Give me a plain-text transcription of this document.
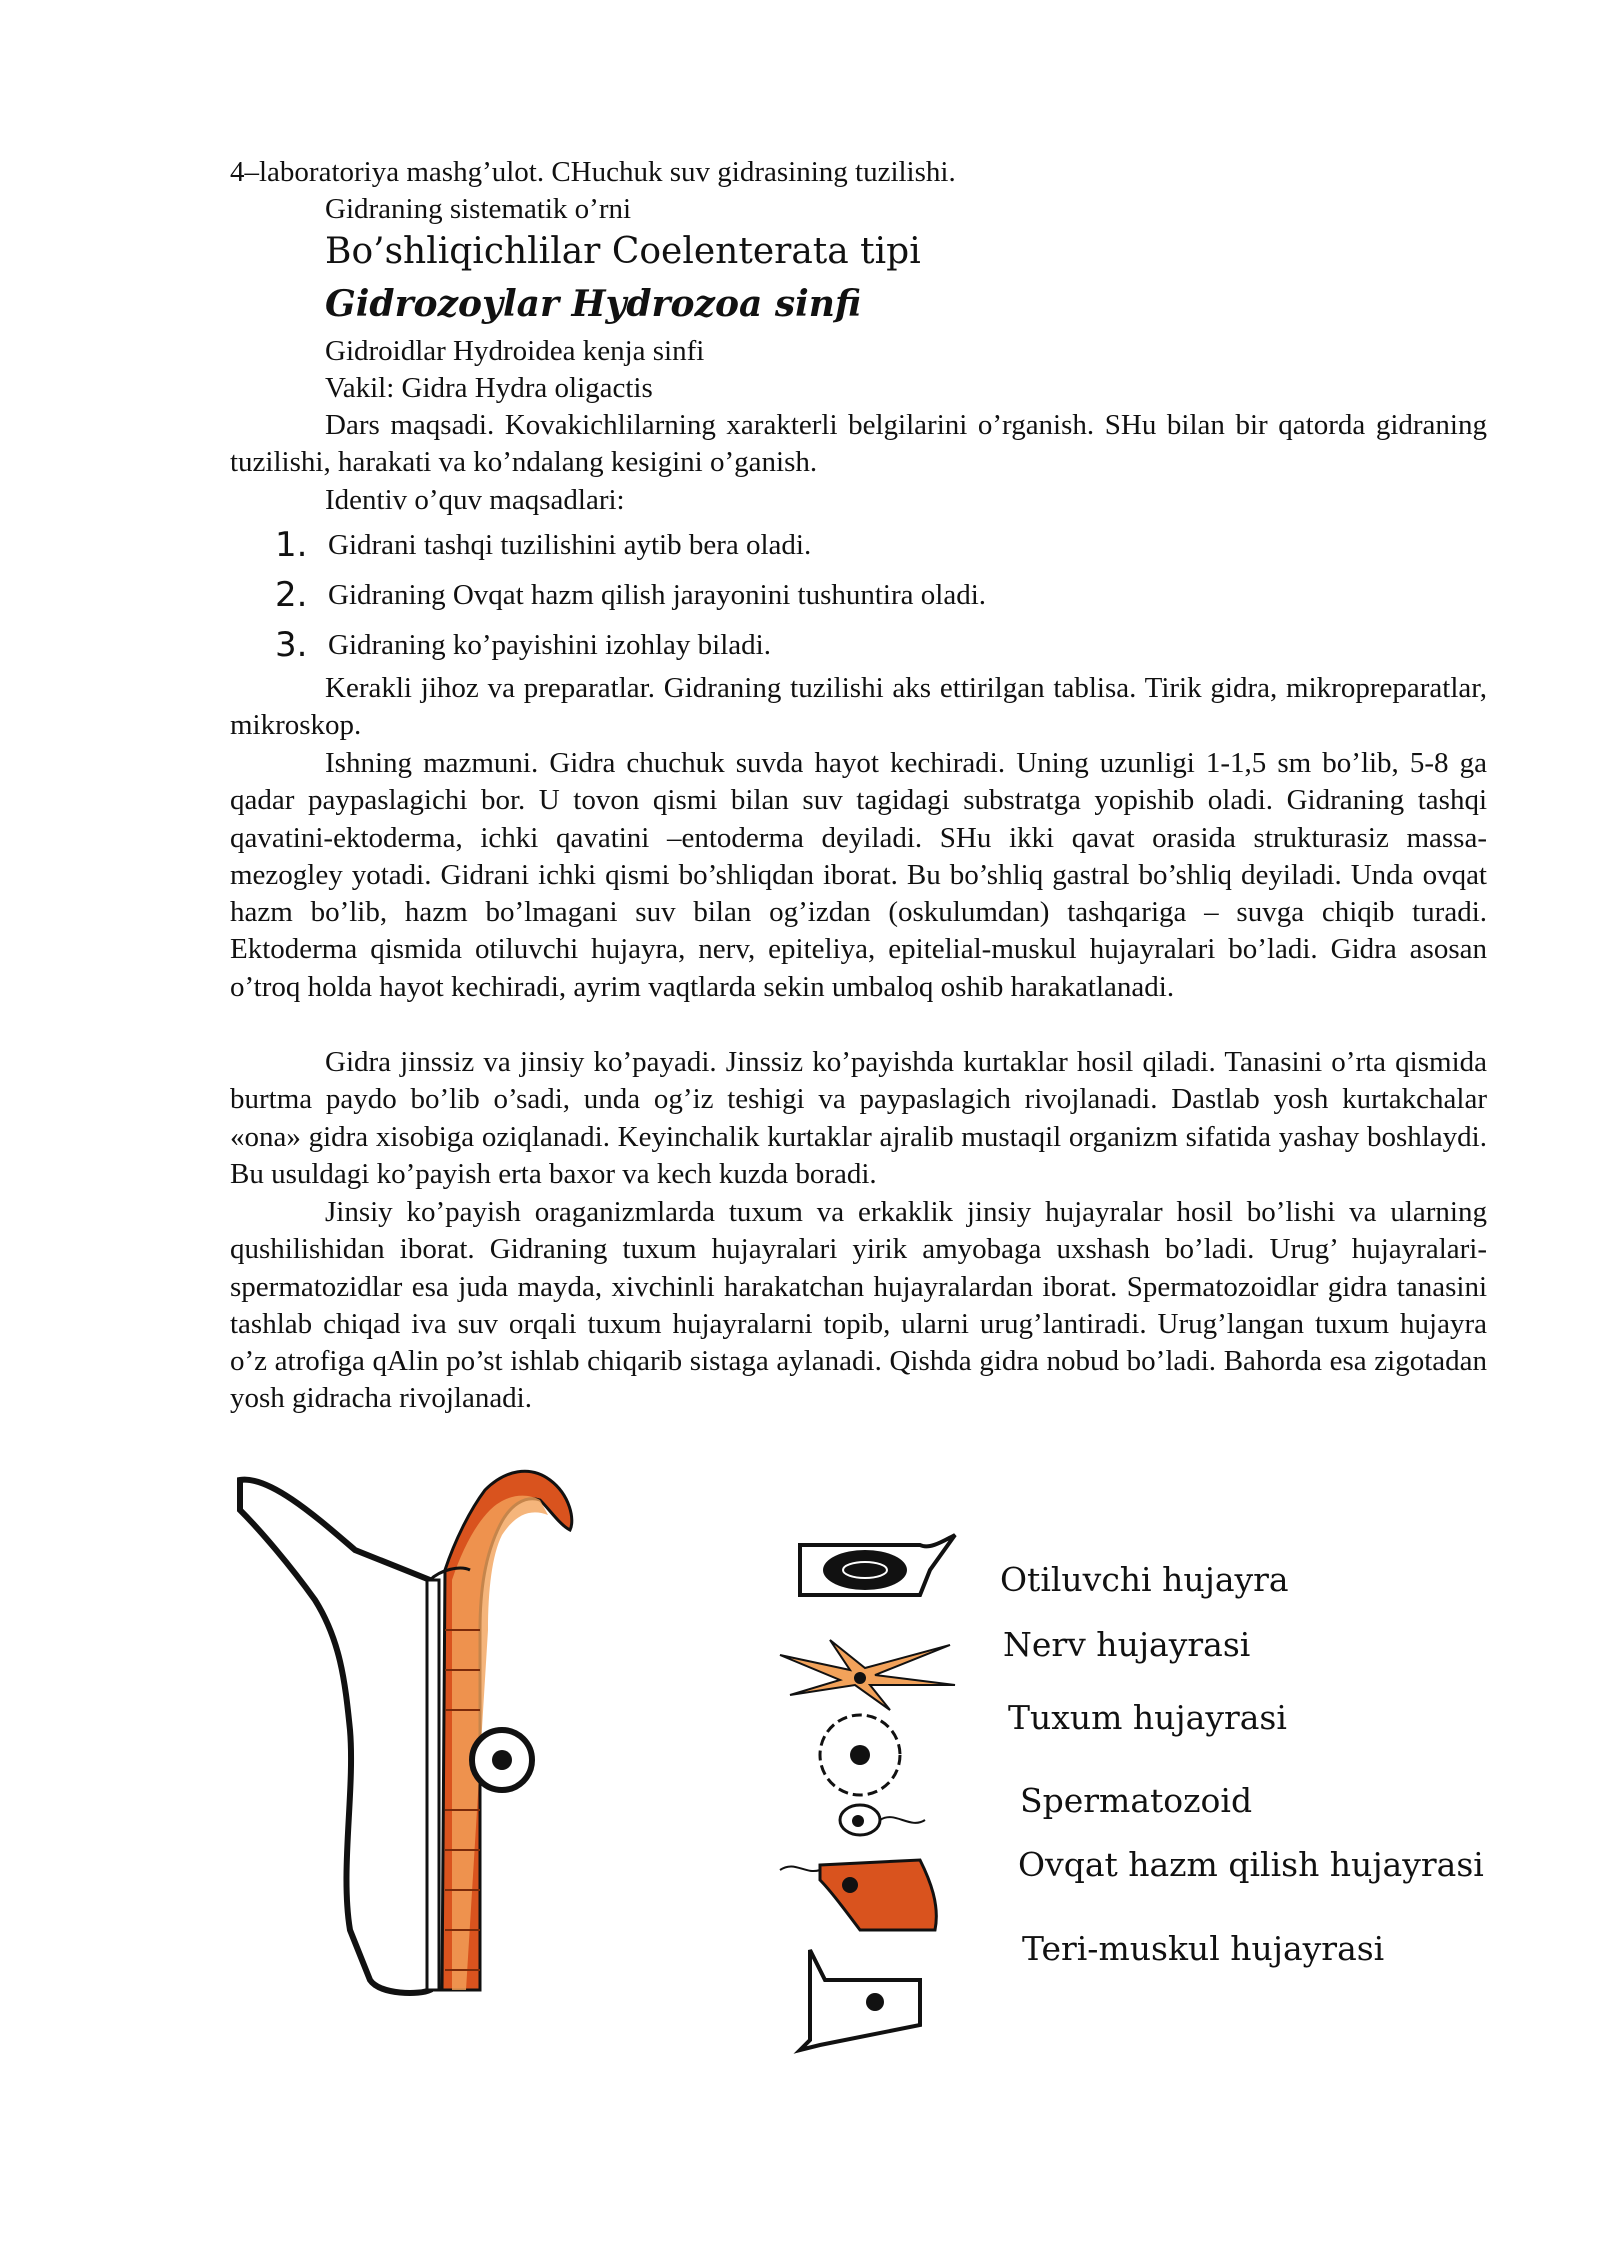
4–laboratoriya mashg’ulot. CHuchuk suv gidrasining tuzilishi.
Gidraning sistematik o’rni
Bo’shliqichlilar Coelenterata tipi
Gidrozoylar Hydrozoa sinfi
Gidroidlar Hydroidea kenja sinfi
Vakil: Gidra Hydra oligactis
Dars maqsadi. Kovakichlilarning xarakterli belgilarini o’rganish. SHu bilan bir qatorda gidraning tuzilishi, harakati va ko’ndalang kesigini o’ganish.
Identiv o’quv maqsadlari:
1. Gidrani tashqi tuzilishini aytib bera oladi.
2. Gidraning Ovqat hazm qilish jarayonini tushuntira oladi.
3. Gidraning ko’payishini izohlay biladi.
Kerakli jihoz va preparatlar. Gidraning tuzilishi aks ettirilgan tablisa. Tirik gidra, mikropreparatlar, mikroskop.
Ishning mazmuni. Gidra chuchuk suvda hayot kechiradi. Uning uzunligi 1-1,5 sm bo’lib, 5-8 ga qadar paypaslagichi bor. U tovon qismi bilan suv tagidagi substratga yopishib oladi. Gidraning tashqi qavatini-ektoderma, ichki qavatini –entoderma deyiladi. SHu ikki qavat orasida strukturasiz massa-mezogley yotadi. Gidrani ichki qismi bo’shliqdan iborat. Bu bo’shliq gastral bo’shliq deyiladi. Unda ovqat hazm bo’lib, hazm bo’lmagani suv bilan og’izdan (oskulumdan) tashqariga – suvga chiqib turadi. Ektoderma qismida otiluvchi hujayra, nerv, epiteliya, epitelial-muskul hujayralari bo’ladi. Gidra asosan o’troq holda hayot kechiradi, ayrim vaqtlarda sekin umbaloq oshib harakatlanadi.
Gidra jinssiz va jinsiy ko’payadi. Jinssiz ko’payishda kurtaklar hosil qiladi. Tanasini o’rta qismida burtma paydo bo’lib o’sadi, unda og’iz teshigi va paypaslagich rivojlanadi. Dastlab yosh kurtakchalar «ona» gidra xisobiga oziqlanadi. Keyinchalik kurtaklar ajralib mustaqil organizm sifatida yashay boshlaydi. Bu usuldagi ko’payish erta baxor va kech kuzda boradi.
Jinsiy ko’payish oraganizmlarda tuxum va erkaklik jinsiy hujayralar hosil bo’lishi va ularning qushilishidan iborat. Gidraning tuxum hujayralari yirik amyobaga uxshash bo’ladi. Urug’ hujayralari-spermatozidlar esa juda mayda, xivchinli harakatchan hujayralardan iborat. Spermatozoidlar gidra tanasini tashlab chiqad iva suv orqali tuxum hujayralarni topib, ularni urug’lantiradi. Urug’langan tuxum hujayra o’z atrofiga qAlin po’st ishlab chiqarib sistaga aylanadi. Qishda gidra nobud bo’ladi. Bahorda esa zigotadan yosh gidracha rivojlanadi.
Otiluvchi hujayra
Nerv hujayrasi
Tuxum hujayrasi
Spermatozoid
Ovqat hazm qilish hujayrasi
Teri-muskul hujayrasi
